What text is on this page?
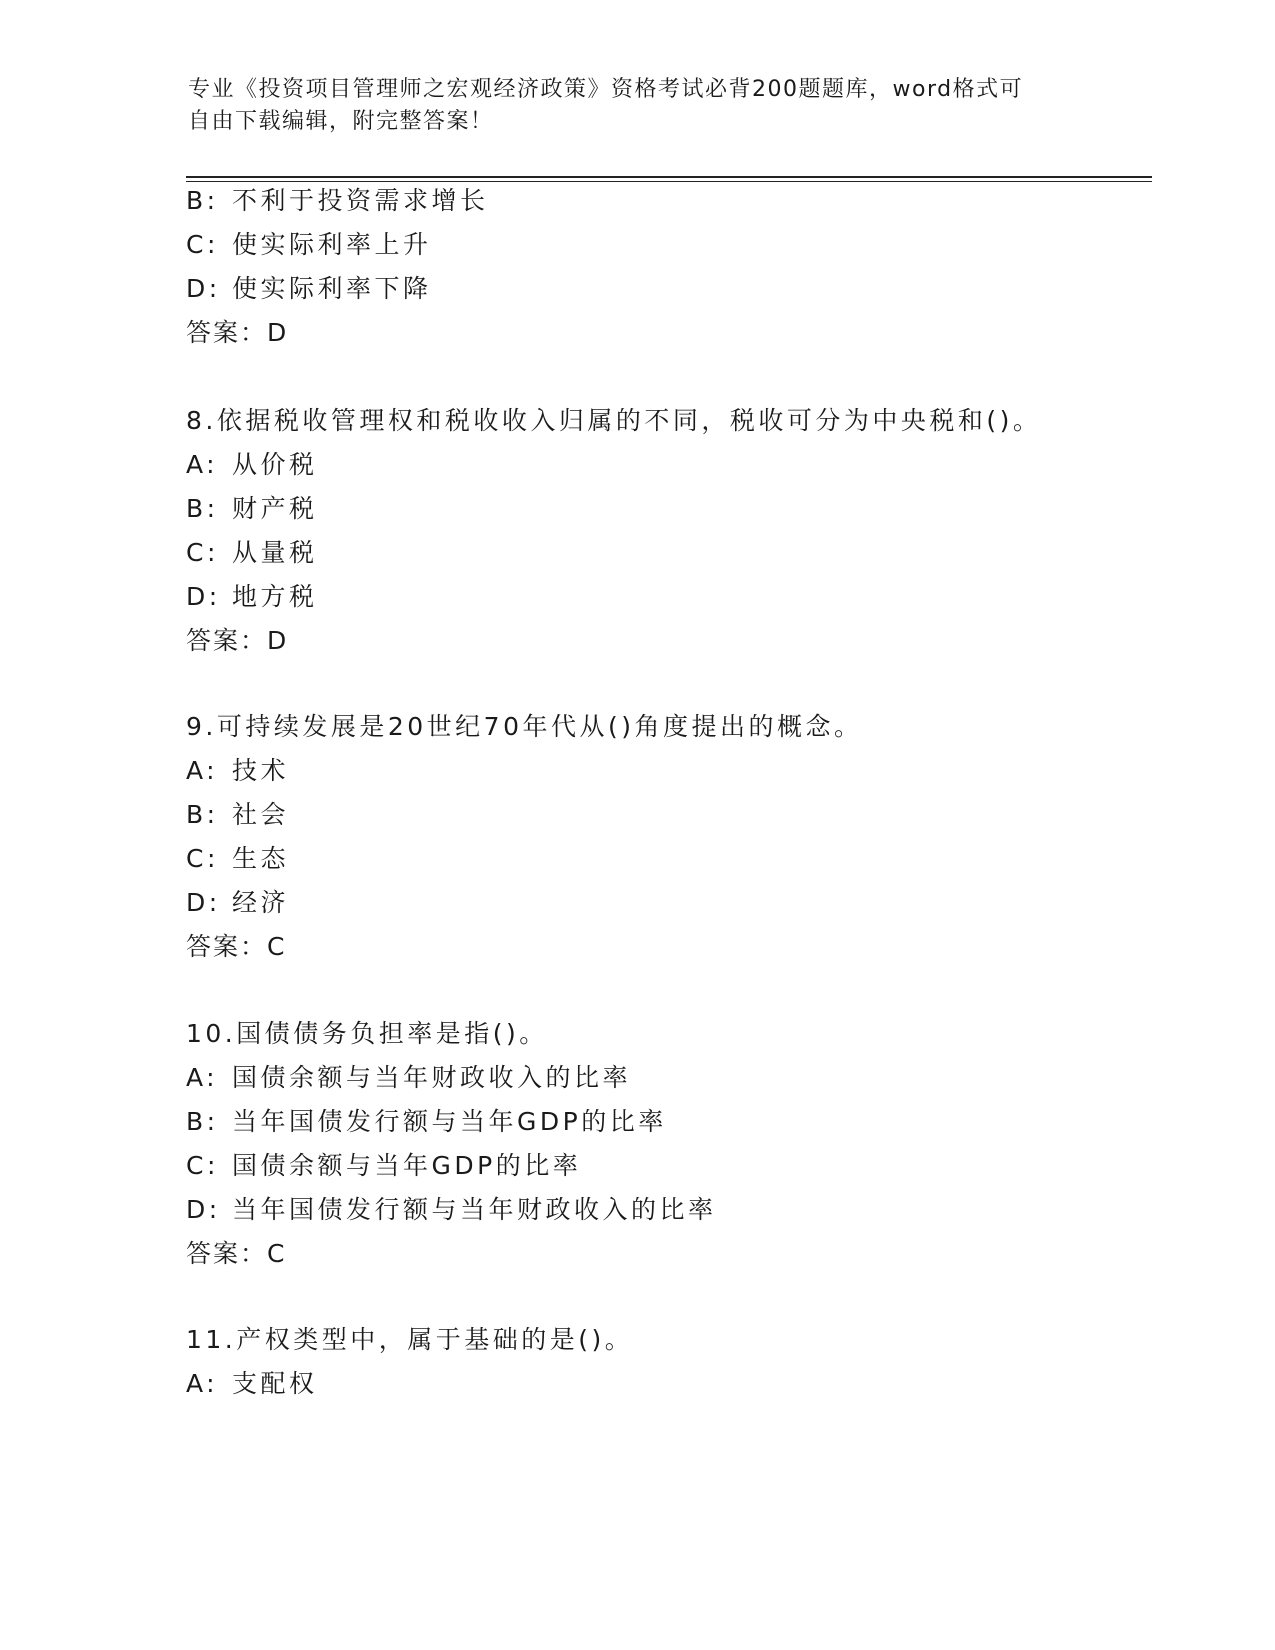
专业《投资项目管理师之宏观经济政策》资格考试必背200题题库，word格式可
自由下载编辑，附完整答案！
B: 不利于投资需求增长
C: 使实际利率上升
D: 使实际利率下降
答案：D
8.依据税收管理权和税收收入归属的不同，税收可分为中央税和()。
A: 从价税
B: 财产税
C: 从量税
D: 地方税
答案：D
9.可持续发展是20世纪70年代从()角度提出的概念。
A: 技术
B: 社会
C: 生态
D: 经济
答案：C
10.国债债务负担率是指()。
A: 国债余额与当年财政收入的比率
B: 当年国债发行额与当年GDP的比率
C: 国债余额与当年GDP的比率
D: 当年国债发行额与当年财政收入的比率
答案：C
11.产权类型中，属于基础的是()。
A: 支配权
